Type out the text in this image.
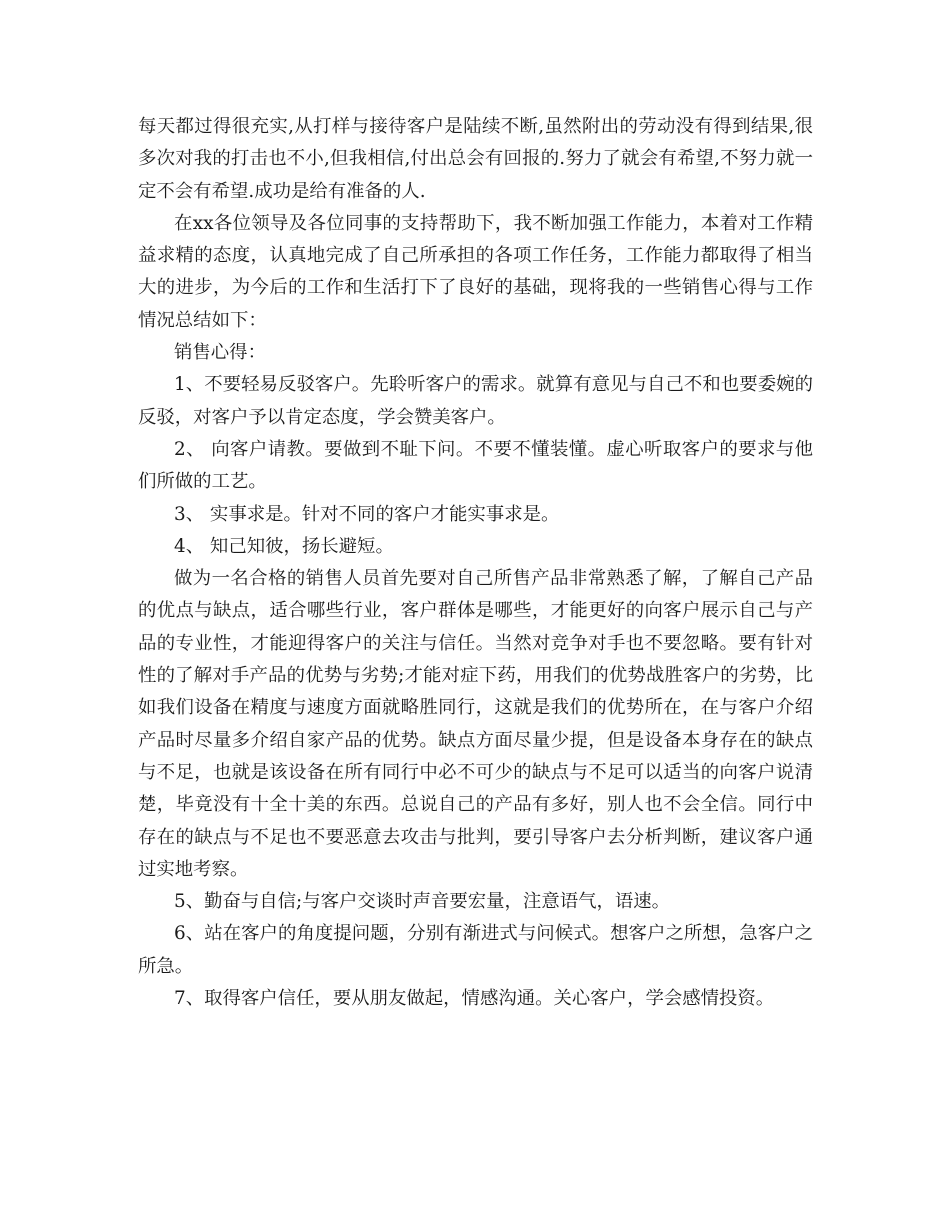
每天都过得很充实,从打样与接待客户是陆续不断,虽然附出的劳动没有得到结果,很多次对我的打击也不小,但我相信,付出总会有回报的.努力了就会有希望,不努力就一定不会有希望.成功是给有准备的人.

在xx各位领导及各位同事的支持帮助下，我不断加强工作能力，本着对工作精益求精的态度，认真地完成了自己所承担的各项工作任务，工作能力都取得了相当大的进步，为今后的工作和生活打下了良好的基础，现将我的一些销售心得与工作情况总结如下：

销售心得：

1、不要轻易反驳客户。先聆听客户的需求。就算有意见与自己不和也要委婉的反驳，对客户予以肯定态度，学会赞美客户。

2、 向客户请教。要做到不耻下问。不要不懂装懂。虚心听取客户的要求与他们所做的工艺。

3、 实事求是。针对不同的客户才能实事求是。

4、 知己知彼，扬长避短。

做为一名合格的销售人员首先要对自己所售产品非常熟悉了解，了解自己产品的优点与缺点，适合哪些行业，客户群体是哪些，才能更好的向客户展示自己与产品的专业性，才能迎得客户的关注与信任。当然对竞争对手也不要忽略。要有针对性的了解对手产品的优势与劣势;才能对症下药，用我们的优势战胜客户的劣势，比如我们设备在精度与速度方面就略胜同行，这就是我们的优势所在，在与客户介绍产品时尽量多介绍自家产品的优势。缺点方面尽量少提，但是设备本身存在的缺点与不足，也就是该设备在所有同行中必不可少的缺点与不足可以适当的向客户说清楚，毕竟没有十全十美的东西。总说自己的产品有多好，别人也不会全信。同行中存在的缺点与不足也不要恶意去攻击与批判，要引导客户去分析判断，建议客户通过实地考察。

5、勤奋与自信;与客户交谈时声音要宏量，注意语气，语速。

6、站在客户的角度提问题，分别有渐进式与问候式。想客户之所想，急客户之所急。

7、取得客户信任，要从朋友做起，情感沟通。关心客户，学会感情投资。
